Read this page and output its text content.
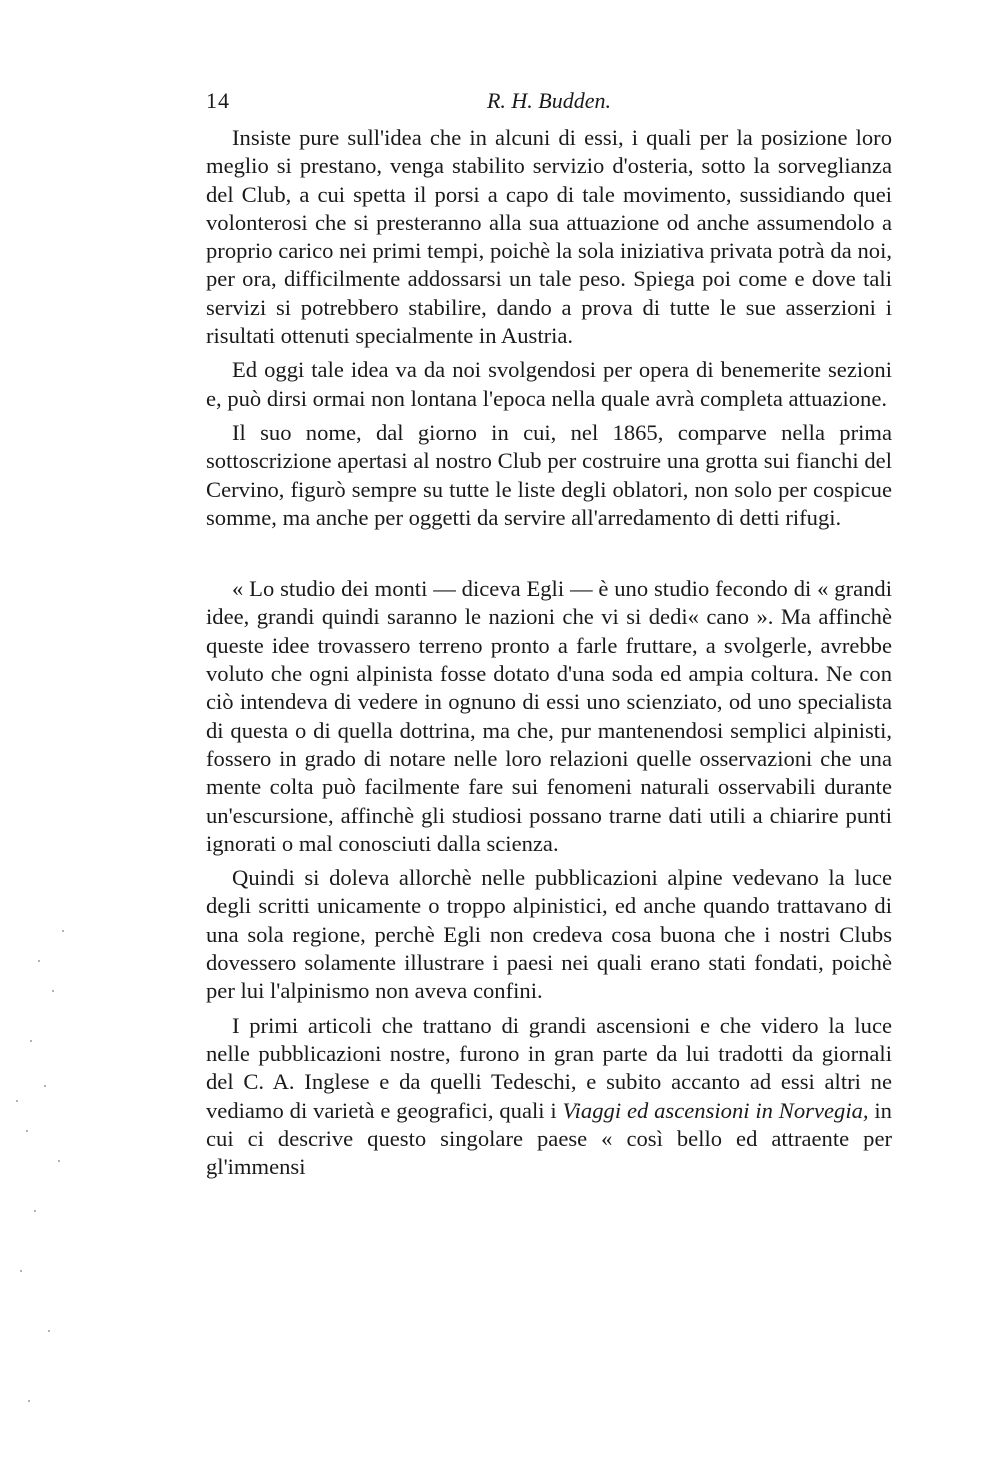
14	R. H. Budden.

Insiste pure sull'idea che in alcuni di essi, i quali per la posizione loro meglio si prestano, venga stabilito servizio d'osteria, sotto la sorveglianza del Club, a cui spetta il porsi a capo di tale movimento, sussidiando quei volonterosi che si presteranno alla sua attuazione od anche assumendolo a proprio carico nei primi tempi, poichè la sola iniziativa privata potrà da noi, per ora, difficilmente addossarsi un tale peso. Spiega poi come e dove tali servizi si potrebbero stabilire, dando a prova di tutte le sue asserzioni i risultati ottenuti specialmente in Austria.

Ed oggi tale idea va da noi svolgendosi per opera di benemerite sezioni e, può dirsi ormai non lontana l'epoca nella quale avrà completa attuazione.

Il suo nome, dal giorno in cui, nel 1865, comparve nella prima sottoscrizione apertasi al nostro Club per costruire una grotta sui fianchi del Cervino, figurò sempre su tutte le liste degli oblatori, non solo per cospicue somme, ma anche per oggetti da servire all'arredamento di detti rifugi.

« Lo studio dei monti — diceva Egli — è uno studio fecondo di « grandi idee, grandi quindi saranno le nazioni che vi si dedi« cano ». Ma affinchè queste idee trovassero terreno pronto a farle fruttare, a svolgerle, avrebbe voluto che ogni alpinista fosse dotato d'una soda ed ampia coltura. Ne con ciò intendeva di vedere in ognuno di essi uno scienziato, od uno specialista di questa o di quella dottrina, ma che, pur mantenendosi semplici alpinisti, fossero in grado di notare nelle loro relazioni quelle osservazioni che una mente colta può facilmente fare sui fenomeni naturali osservabili durante un'escursione, affinchè gli studiosi possano trarne dati utili a chiarire punti ignorati o mal conosciuti dalla scienza.

Quindi si doleva allorchè nelle pubblicazioni alpine vedevano la luce degli scritti unicamente o troppo alpinistici, ed anche quando trattavano di una sola regione, perchè Egli non credeva cosa buona che i nostri Clubs dovessero solamente illustrare i paesi nei quali erano stati fondati, poichè per lui l'alpinismo non aveva confini.

I primi articoli che trattano di grandi ascensioni e che videro la luce nelle pubblicazioni nostre, furono in gran parte da lui tradotti da giornali del C. A. Inglese e da quelli Tedeschi, e subito accanto ad essi altri ne vediamo di varietà e geografici, quali i Viaggi ed ascensioni in Norvegia, in cui ci descrive questo singolare paese « così bello ed attraente per gl'immensi
